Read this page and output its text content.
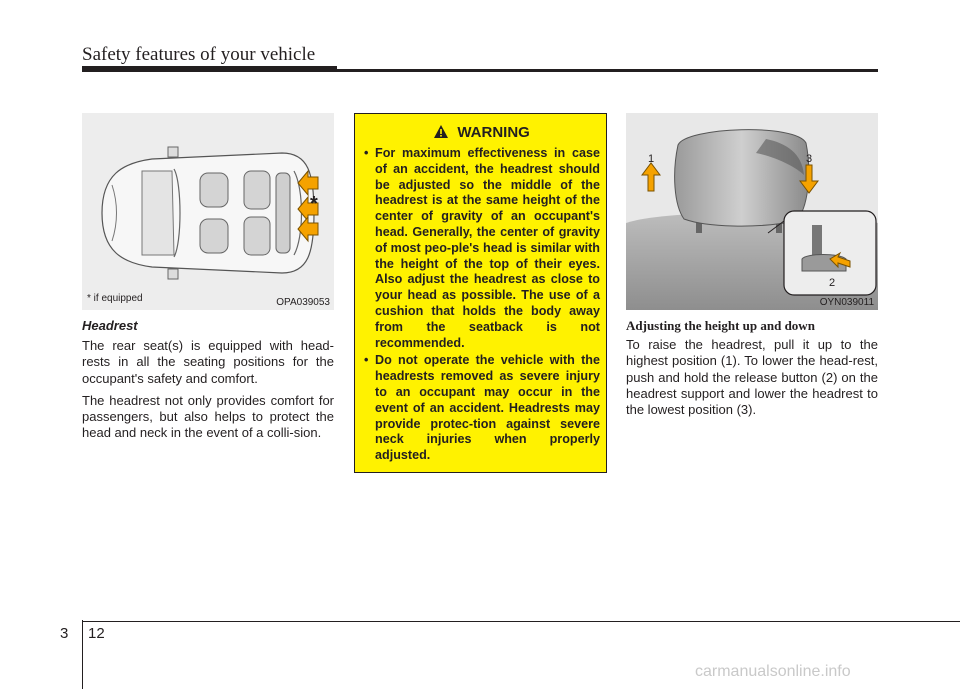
Safety features of your vehicle
* if equipped	OPA039053
*
Headrest

The rear seat(s) is equipped with head-rests in all the seating positions for the occupant's safety and comfort.

The headrest not only provides comfort for passengers, but also helps to protect the head and neck in the event of a colli-sion.

WARNING
• For maximum effectiveness in case of an accident, the headrest should be adjusted so the middle of the headrest is at the same height of the center of gravity of an occupant's head. Generally, the center of gravity of most peo-ple's head is similar with the height of the top of their eyes. Also adjust the headrest as close to your head as possible. The use of a cushion that holds the body away from the seatback is not recommended.
• Do not operate the vehicle with the headrests removed as severe injury to an occupant may occur in the event of an accident. Headrests may provide protec-tion against severe neck injuries when properly adjusted.
1	3
2
OYN039011
Adjusting the height up and down

To raise the headrest, pull it up to the highest position (1). To lower the head-rest, push and hold the release button (2) on the headrest support and lower the headrest to the lowest position (3).

3 12
carmanualsonline.info
